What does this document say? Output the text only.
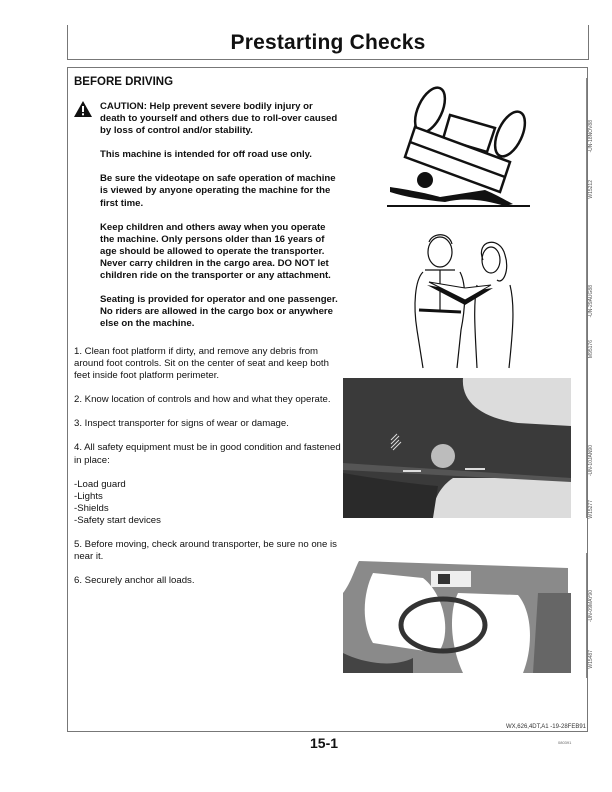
Prestarting Checks
BEFORE DRIVING

CAUTION: Help prevent severe bodily injury or death to yourself and others due to roll-over caused by loss of control and/or stability.

This machine is intended for off road use only.

Be sure the videotape on safe operation of machine is viewed by anyone operating the machine for the first time.

Keep children and others away when you operate the machine. Only persons older than 16 years of age should be allowed to operate the transporter. Never carry children in the cargo area. DO NOT let children ride on the transporter or any attachment.

Seating is provided for operator and one passenger. No riders are allowed in the cargo box or anywhere else on the machine.

1. Clean foot platform if dirty, and remove any debris from around foot controls. Sit on the center of seat and keep both feet inside foot platform perimeter.

2. Know location of controls and how and what they operate.

3. Inspect transporter for signs of wear or damage.

4. All safety equipment must be in good condition and fastened in place:

-Load guard
-Lights
-Shields
-Safety start devices

5. Before moving, check around transporter, be sure no one is near it.

6. Securely anchor all loads.

W15212
-UN-18NOV88
M95176
-UN-29AUG88
W15277
-UN-10JAN90
W15487
-UN-09MAY90
WX,626,4DT,A1 -19-28FEB91
15-1	080391
